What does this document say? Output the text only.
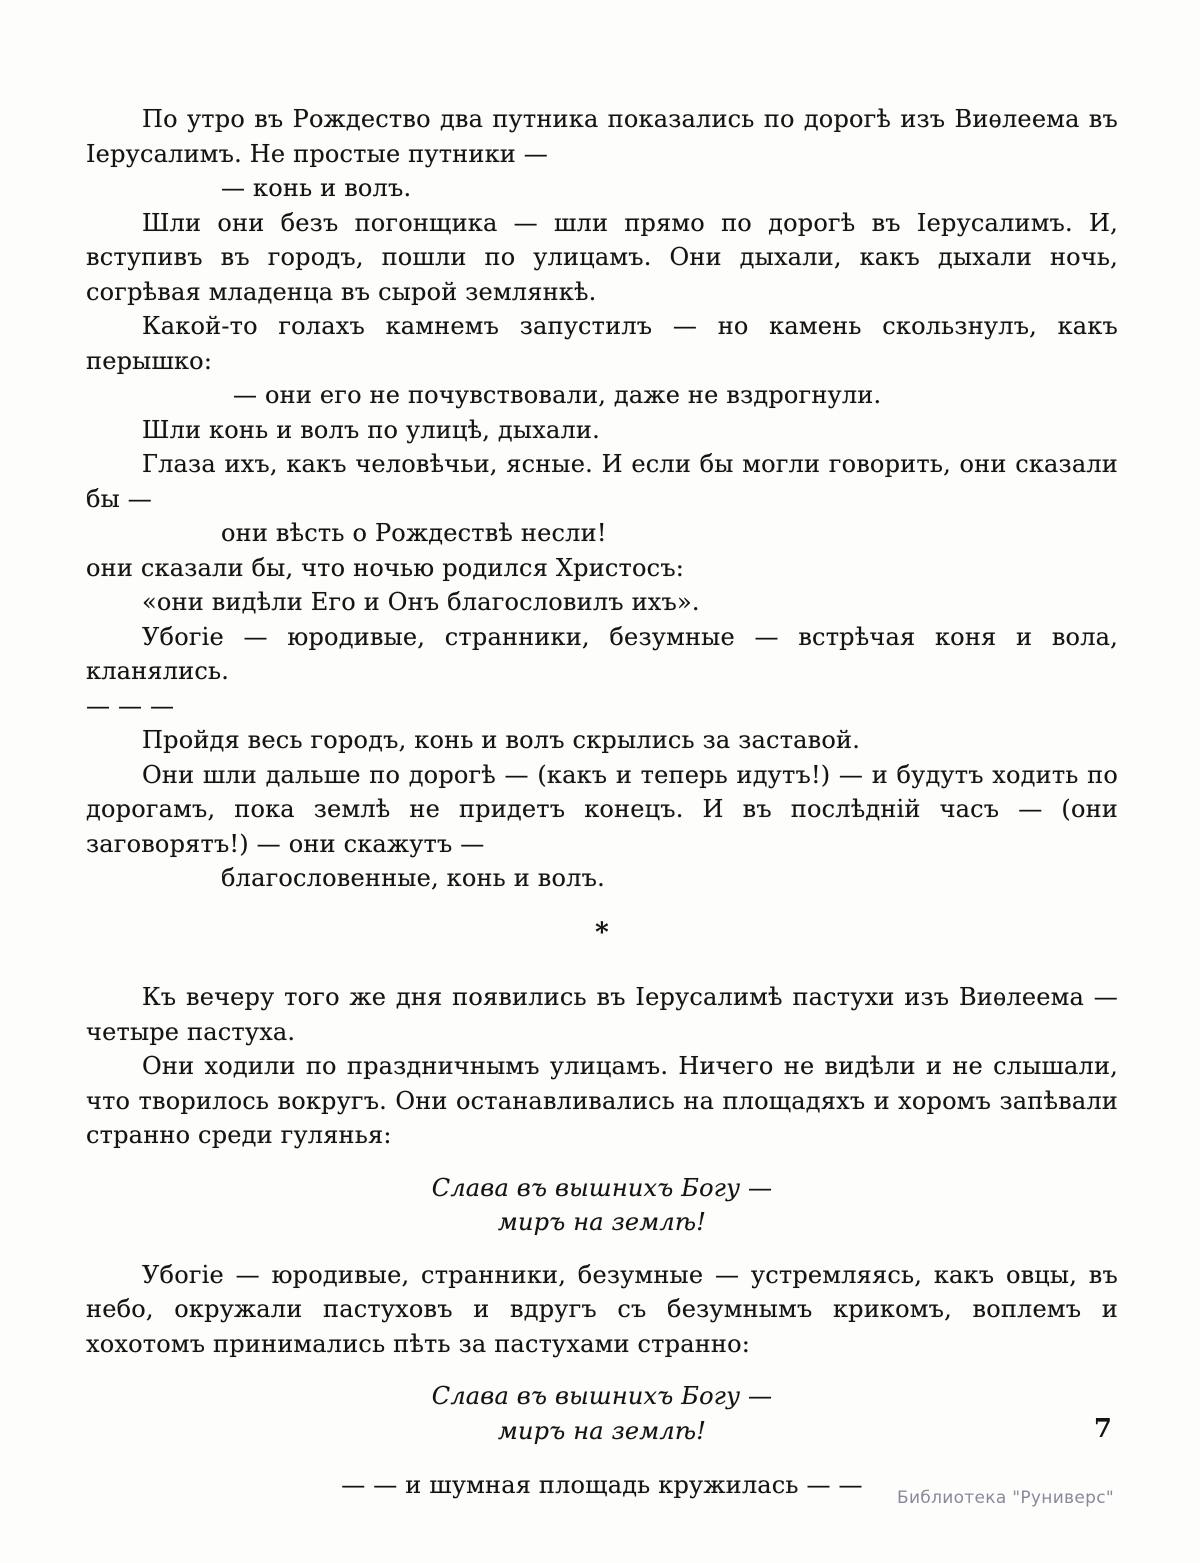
По утро въ Рождество два путника показались по дорогѣ изъ Виѳлеема въ Іерусалимъ. Не простые путники —

— конь и волъ.

Шли они безъ погонщика — шли прямо по дорогѣ въ Іерусалимъ. И, вступивъ въ городъ, пошли по улицамъ. Они дыхали, какъ дыхали ночь, согрѣвая младенца въ сырой землянкѣ.

Какой-то голахъ камнемъ запустилъ — но камень скользнулъ, какъ перышко:

— они его не почувствовали, даже не вздрогнули.

Шли конь и волъ по улицѣ, дыхали.

Глаза ихъ, какъ человѣчьи, ясные. И если бы могли говорить, они сказали бы —

они вѣсть о Рождествѣ несли!

они сказали бы, что ночью родился Христосъ:

«они видѣли Его и Онъ благословилъ ихъ».

Убогіе — юродивые, странники, безумные — встрѣчая коня и вола, кланялись.

— — —

Пройдя весь городъ, конь и волъ скрылись за заставой.

Они шли дальше по дорогѣ — (какъ и теперь идутъ!) — и будутъ ходить по дорогамъ, пока землѣ не придетъ конецъ. И въ послѣдній часъ — (они заговорятъ!) — они скажутъ —

благословенные, конь и волъ.

*

Къ вечеру того же дня появились въ Іерусалимѣ пастухи изъ Виѳлеема — четыре пастуха.

Они ходили по праздничнымъ улицамъ. Ничего не видѣли и не слышали, что творилось вокругъ. Они останавливались на площадяхъ и хоромъ запѣвали странно среди гулянья:

Слава въ вышнихъ Богу —

миръ на землѣ!

Убогіе — юродивые, странники, безумные — устремляясь, какъ овцы, въ небо, окружали пастуховъ и вдругъ съ безумнымъ крикомъ, воплемъ и хохотомъ принимались пѣть за пастухами странно:

Слава въ вышнихъ Богу —

миръ на землѣ!

— — и шумная площадь кружилась — —

7
Библиотека "Руниверс"
